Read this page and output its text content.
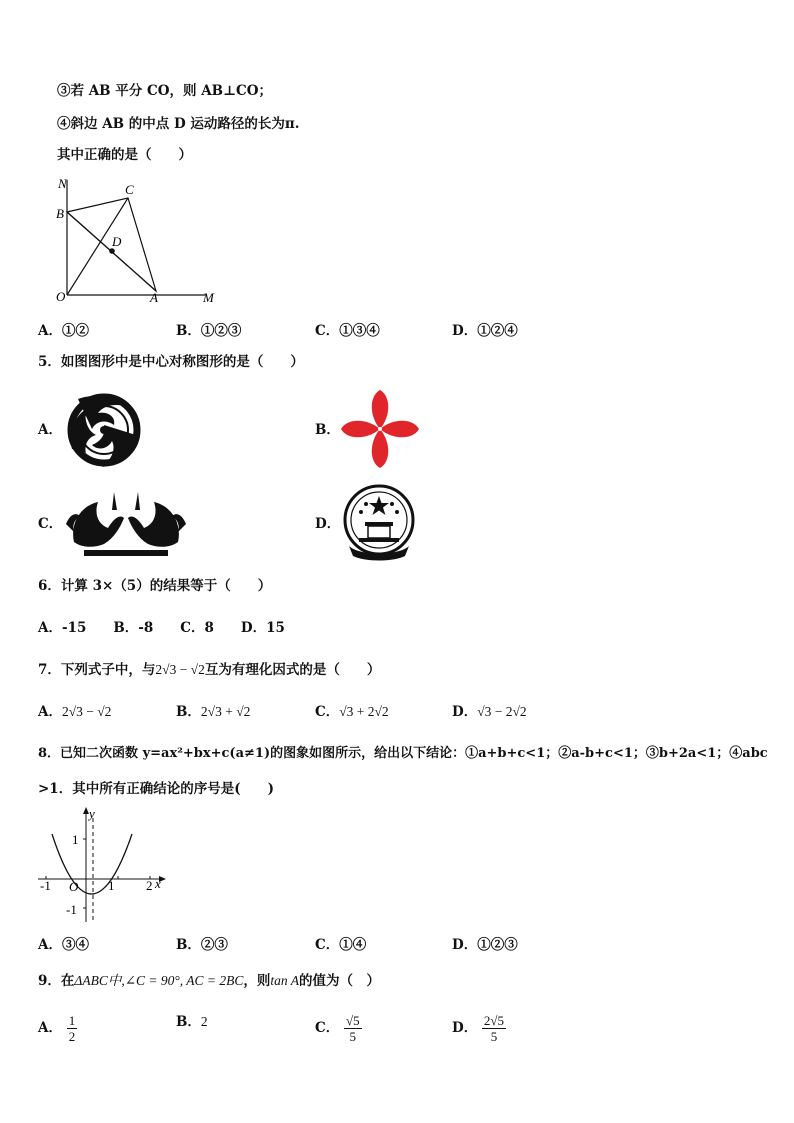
③若 AB 平分 CO，则 AB⊥CO；
④斜边 AB 的中点 D 运动路径的长为π.
其中正确的是（　　）
N	C
B
D
O	A	M
A．①②	B．①②③	C．①③④	D．①②④
5．如图图形中是中心对称图形的是（　　）
A．	B．
C．	D．
6．计算 3×（5）的结果等于（　　）
A．-15　　B．-8　　C．8　　D．15
7．下列式子中，与2√3 − √2互为有理化因式的是（　　）
A．2√3 − √2	B．2√3 + √2	C．√3 + 2√2	D．√3 − 2√2
8．已知二次函数 y=ax²+bx+c(a≠1)的图象如图所示，给出以下结论：①a+b+c<1；②a-b+c<1；③b+2a<1；④abc
>1．其中所有正确结论的序号是(　　)
y
x
1
-1
-1 O 1 2
A．③④	B．②③	C．①④	D．①②③
9．在ΔABC中,∠C = 90°, AC = 2BC，则tan A的值为（　）
A． $\frac{1}{2}$	B．2	C． $\frac{√5}{5}$	D． $\frac{2√5}{5}$
